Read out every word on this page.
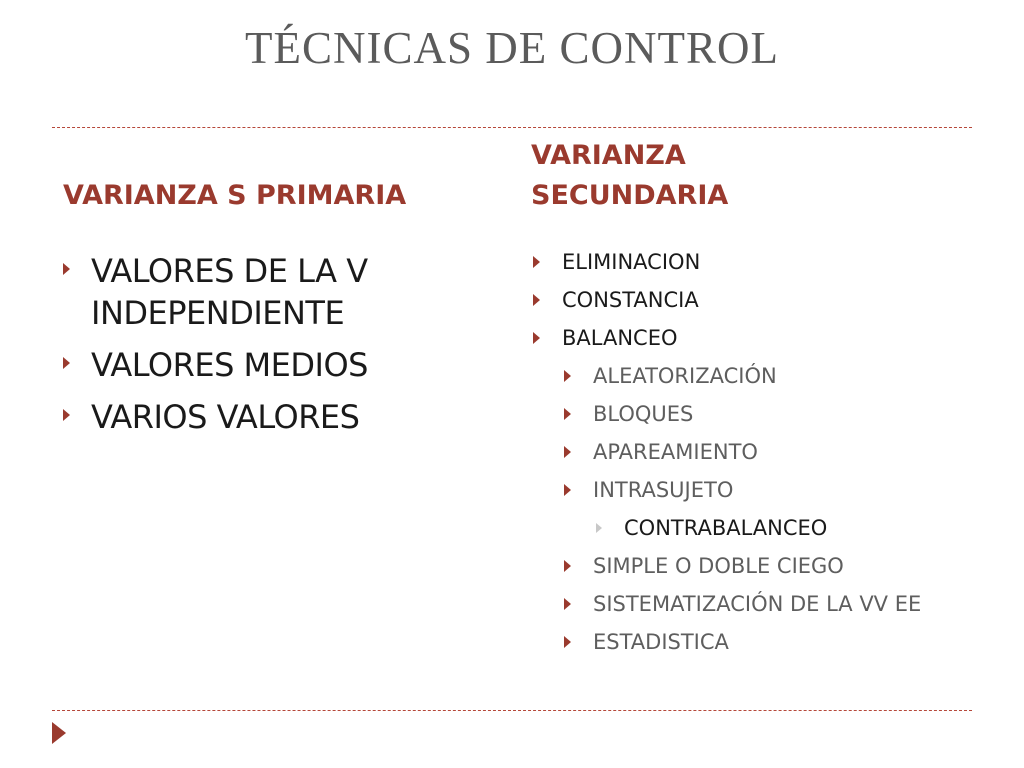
TÉCNICAS DE CONTROL
VARIANZA S PRIMARIA
VARIANZA SECUNDARIA
VALORES DE LA V INDEPENDIENTE
VALORES MEDIOS
VARIOS VALORES
ELIMINACION
CONSTANCIA
BALANCEO
ALEATORIZACIÓN
BLOQUES
APAREAMIENTO
INTRASUJETO
CONTRABALANCEO
SIMPLE O DOBLE CIEGO
SISTEMATIZACIÓN DE LA VV EE
ESTADISTICA
